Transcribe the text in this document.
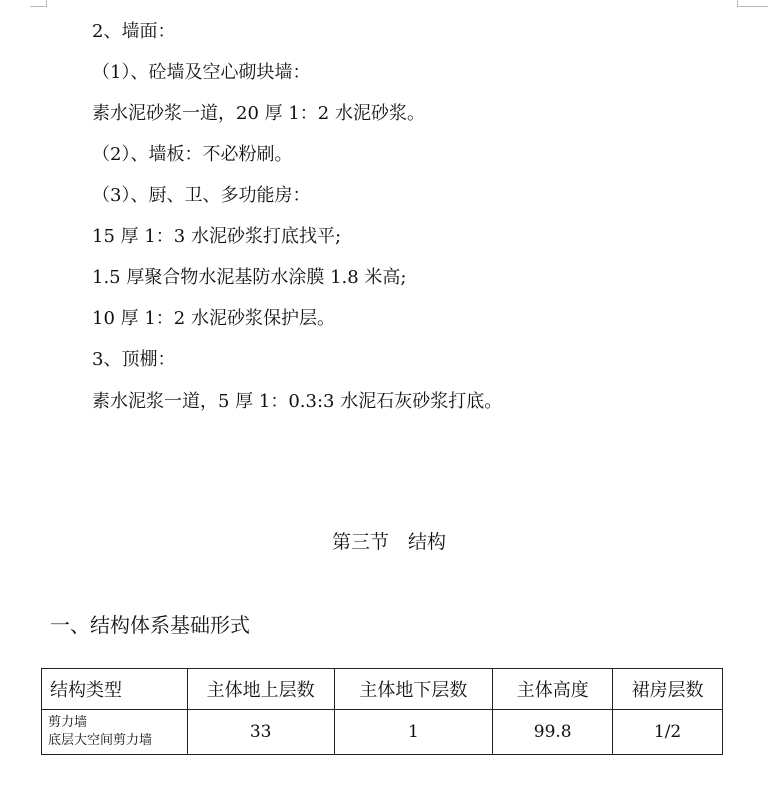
2、墙面：
（1）、砼墙及空心砌块墙：
素水泥砂浆一道，20 厚 1：2 水泥砂浆。
（2）、墙板：不必粉刷。
（3）、厨、卫、多功能房：
15 厚 1：3 水泥砂浆打底找平;
1.5 厚聚合物水泥基防水涂膜 1.8 米高;
10 厚 1：2 水泥砂浆保护层。
3、顶棚：
素水泥浆一道，5 厚 1：0.3:3 水泥石灰砂浆打底。
第三节　结构
一、结构体系基础形式
结构类型	主体地上层数	主体地下层数	主体高度	裙房层数

剪力墙
底层大空间剪力墙	33	1	99.8	1/2
